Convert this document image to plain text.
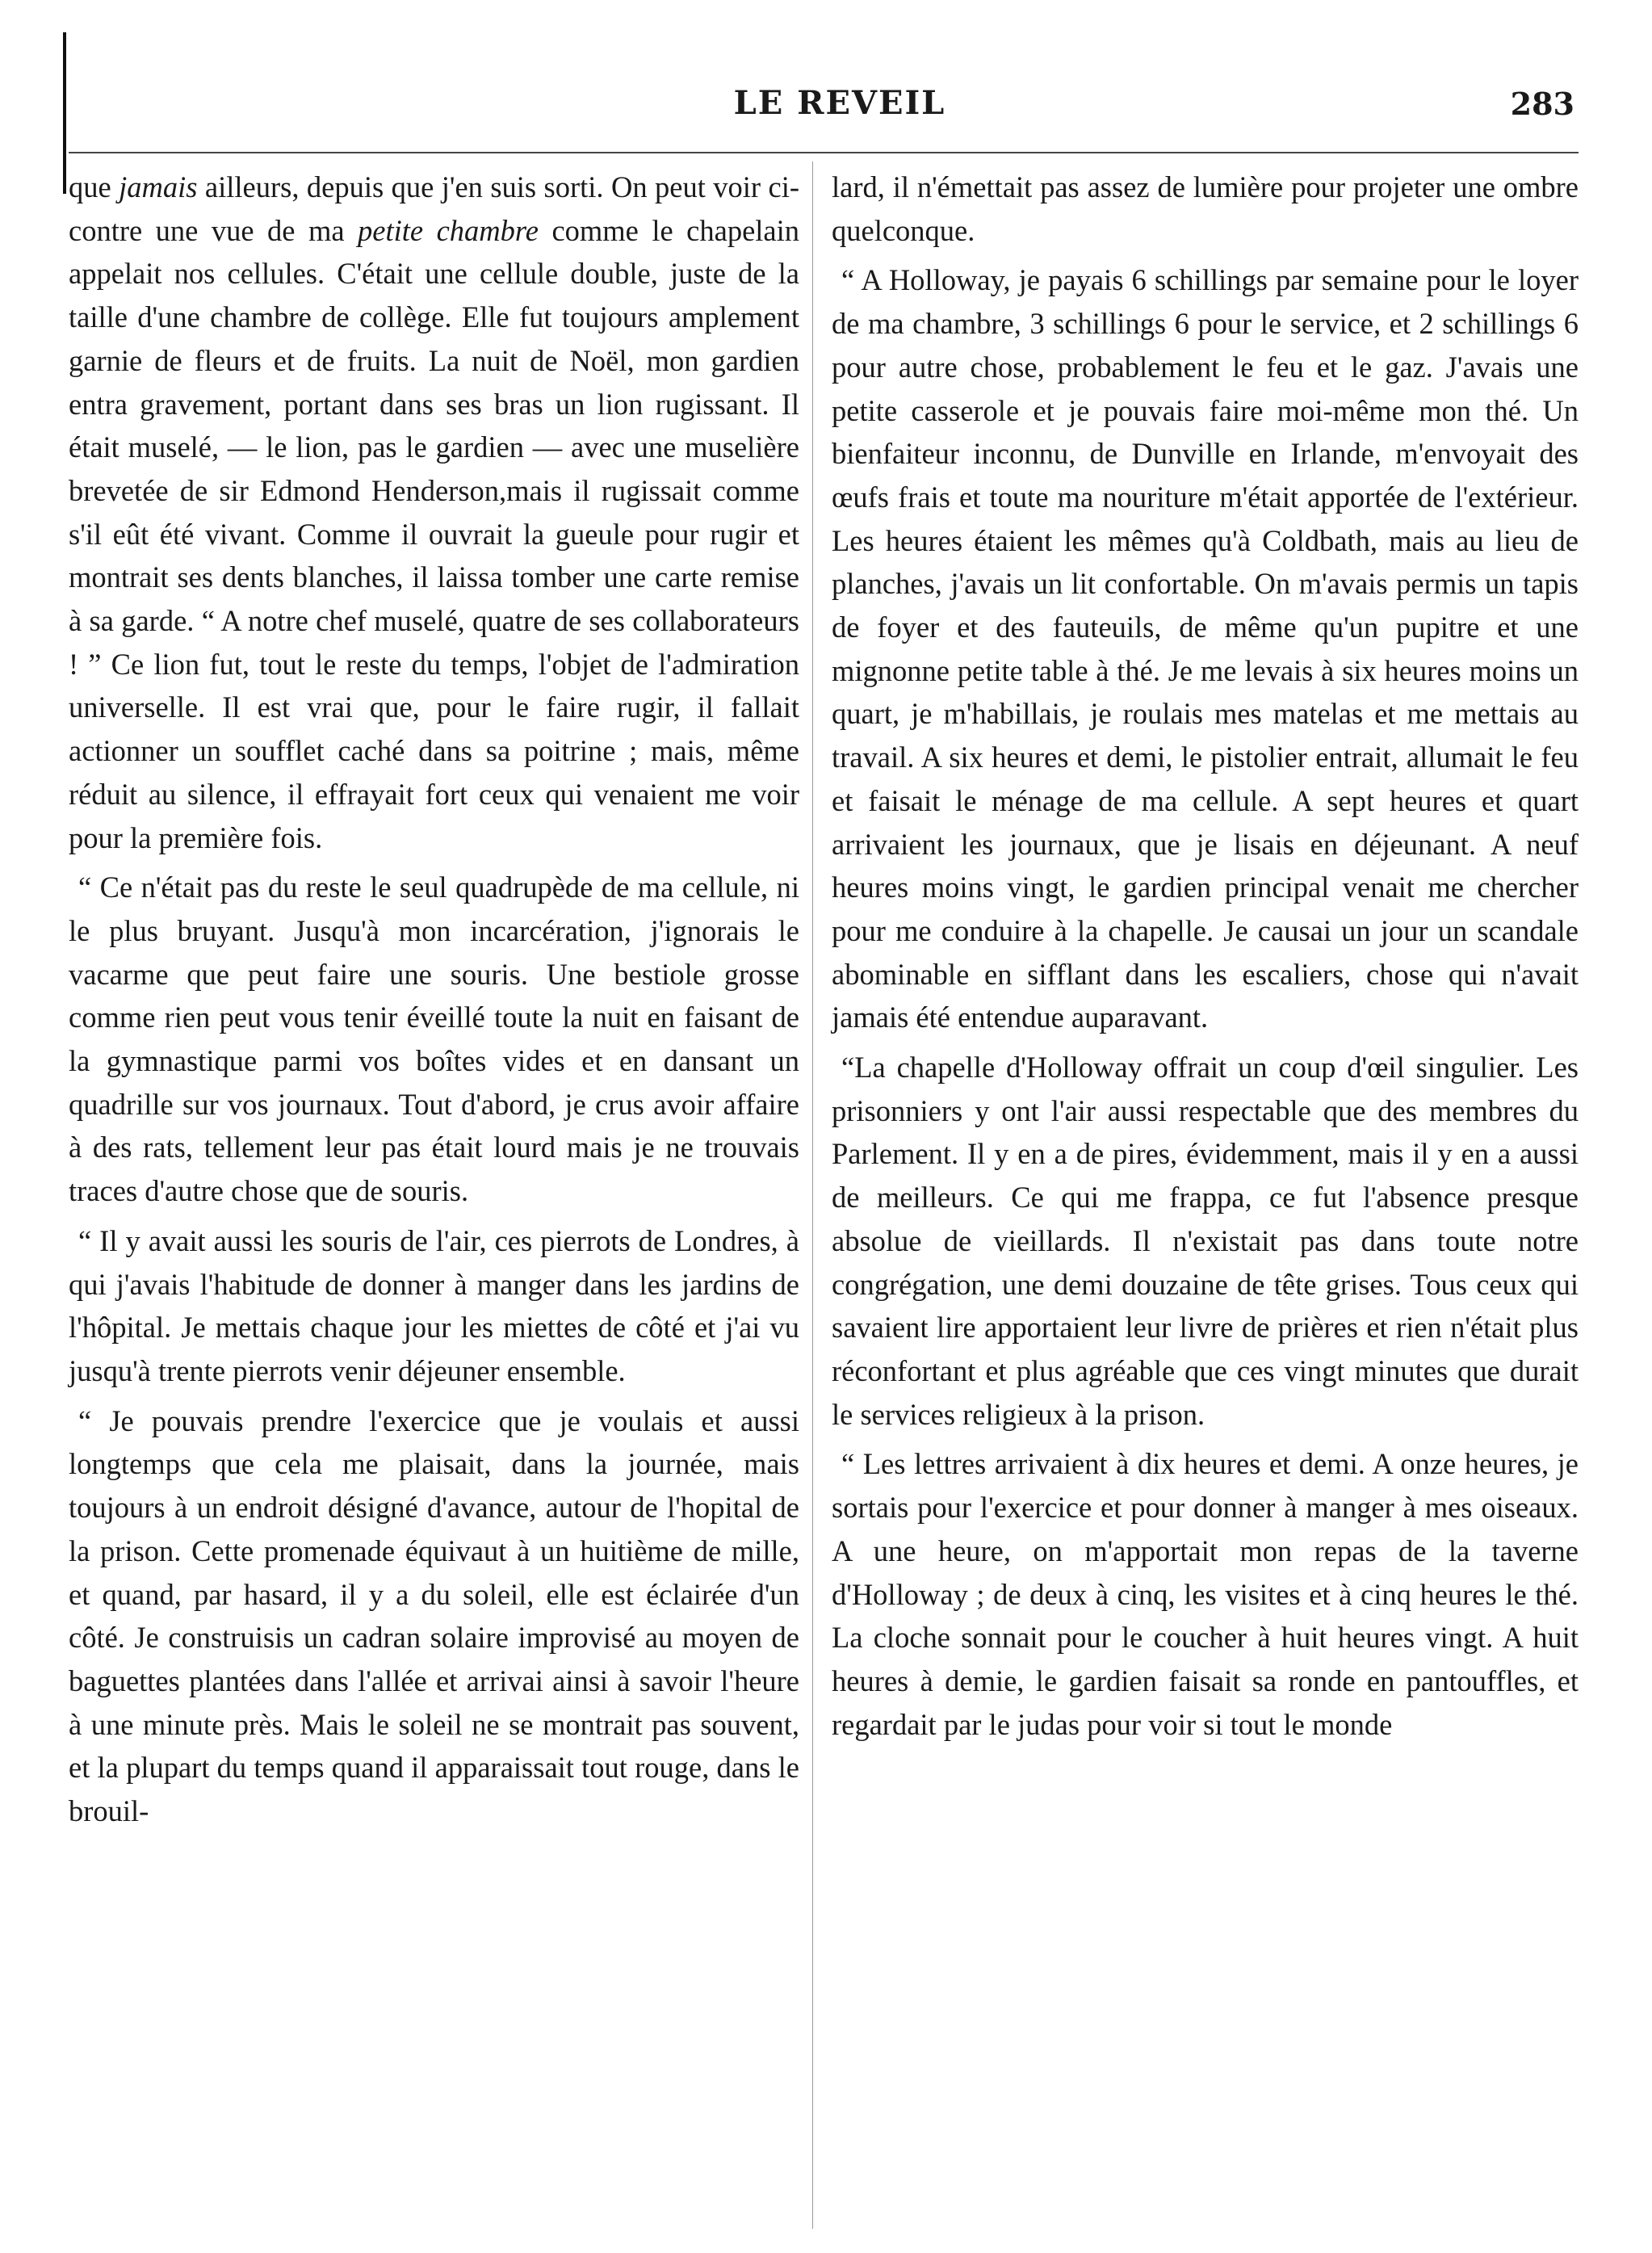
LE REVEIL	283

que jamais ailleurs, depuis que j'en suis sorti. On peut voir ci-contre une vue de ma petite chambre comme le chapelain appelait nos cellules. C'était une cellule double, juste de la taille d'une chambre de collège. Elle fut toujours amplement garnie de fleurs et de fruits. La nuit de Noël, mon gardien entra gravement, portant dans ses bras un lion rugissant. Il était muselé, — le lion, pas le gardien — avec une muselière brevetée de sir Edmond Henderson,mais il rugissait comme s'il eût été vivant. Comme il ouvrait la gueule pour rugir et montrait ses dents blanches, il laissa tomber une carte remise à sa garde. “ A notre chef muselé, quatre de ses collaborateurs ! ” Ce lion fut, tout le reste du temps, l'objet de l'admiration universelle. Il est vrai que, pour le faire rugir, il fallait actionner un soufflet caché dans sa poitrine ; mais, même réduit au silence, il effrayait fort ceux qui venaient me voir pour la première fois.

“ Ce n'était pas du reste le seul quadrupède de ma cellule, ni le plus bruyant. Jusqu'à mon incarcération, j'ignorais le vacarme que peut faire une souris. Une bestiole grosse comme rien peut vous tenir éveillé toute la nuit en faisant de la gymnastique parmi vos boîtes vides et en dansant un quadrille sur vos journaux. Tout d'abord, je crus avoir affaire à des rats, tellement leur pas était lourd mais je ne trouvais traces d'autre chose que de souris.

“ Il y avait aussi les souris de l'air, ces pierrots de Londres, à qui j'avais l'habitude de donner à manger dans les jardins de l'hôpital. Je mettais chaque jour les miettes de côté et j'ai vu jusqu'à trente pierrots venir déjeuner ensemble.

“ Je pouvais prendre l'exercice que je voulais et aussi longtemps que cela me plaisait, dans la journée, mais toujours à un endroit désigné d'avance, autour de l'hopital de la prison. Cette promenade équivaut à un huitième de mille, et quand, par hasard, il y a du soleil, elle est éclairée d'un côté. Je construisis un cadran solaire improvisé au moyen de baguettes plantées dans l'allée et arrivai ainsi à savoir l'heure à une minute près. Mais le soleil ne se montrait pas souvent, et la plupart du temps quand il apparaissait tout rouge, dans le brouil-

lard, il n'émettait pas assez de lumière pour projeter une ombre quelconque.

“ A Holloway, je payais 6 schillings par semaine pour le loyer de ma chambre, 3 schillings 6 pour le service, et 2 schillings 6 pour autre chose, probablement le feu et le gaz. J'avais une petite casserole et je pouvais faire moi-même mon thé. Un bienfaiteur inconnu, de Dunville en Irlande, m'envoyait des œufs frais et toute ma nouriture m'était apportée de l'extérieur. Les heures étaient les mêmes qu'à Coldbath, mais au lieu de planches, j'avais un lit confortable. On m'avais permis un tapis de foyer et des fauteuils, de même qu'un pupitre et une mignonne petite table à thé. Je me levais à six heures moins un quart, je m'habillais, je roulais mes matelas et me mettais au travail. A six heures et demi, le pistolier entrait, allumait le feu et faisait le ménage de ma cellule. A sept heures et quart arrivaient les journaux, que je lisais en déjeunant. A neuf heures moins vingt, le gardien principal venait me chercher pour me conduire à la chapelle. Je causai un jour un scandale abominable en sifflant dans les escaliers, chose qui n'avait jamais été entendue auparavant.

“La chapelle d'Holloway offrait un coup d'œil singulier. Les prisonniers y ont l'air aussi respectable que des membres du Parlement. Il y en a de pires, évidemment, mais il y en a aussi de meilleurs. Ce qui me frappa, ce fut l'absence presque absolue de vieillards. Il n'existait pas dans toute notre congrégation, une demi douzaine de tête grises. Tous ceux qui savaient lire apportaient leur livre de prières et rien n'était plus réconfortant et plus agréable que ces vingt minutes que durait le services religieux à la prison.

“ Les lettres arrivaient à dix heures et demi. A onze heures, je sortais pour l'exercice et pour donner à manger à mes oiseaux. A une heure, on m'apportait mon repas de la taverne d'Holloway ; de deux à cinq, les visites et à cinq heures le thé. La cloche sonnait pour le coucher à huit heures vingt. A huit heures à demie, le gardien faisait sa ronde en pantouffles, et regardait par le judas pour voir si tout le monde
